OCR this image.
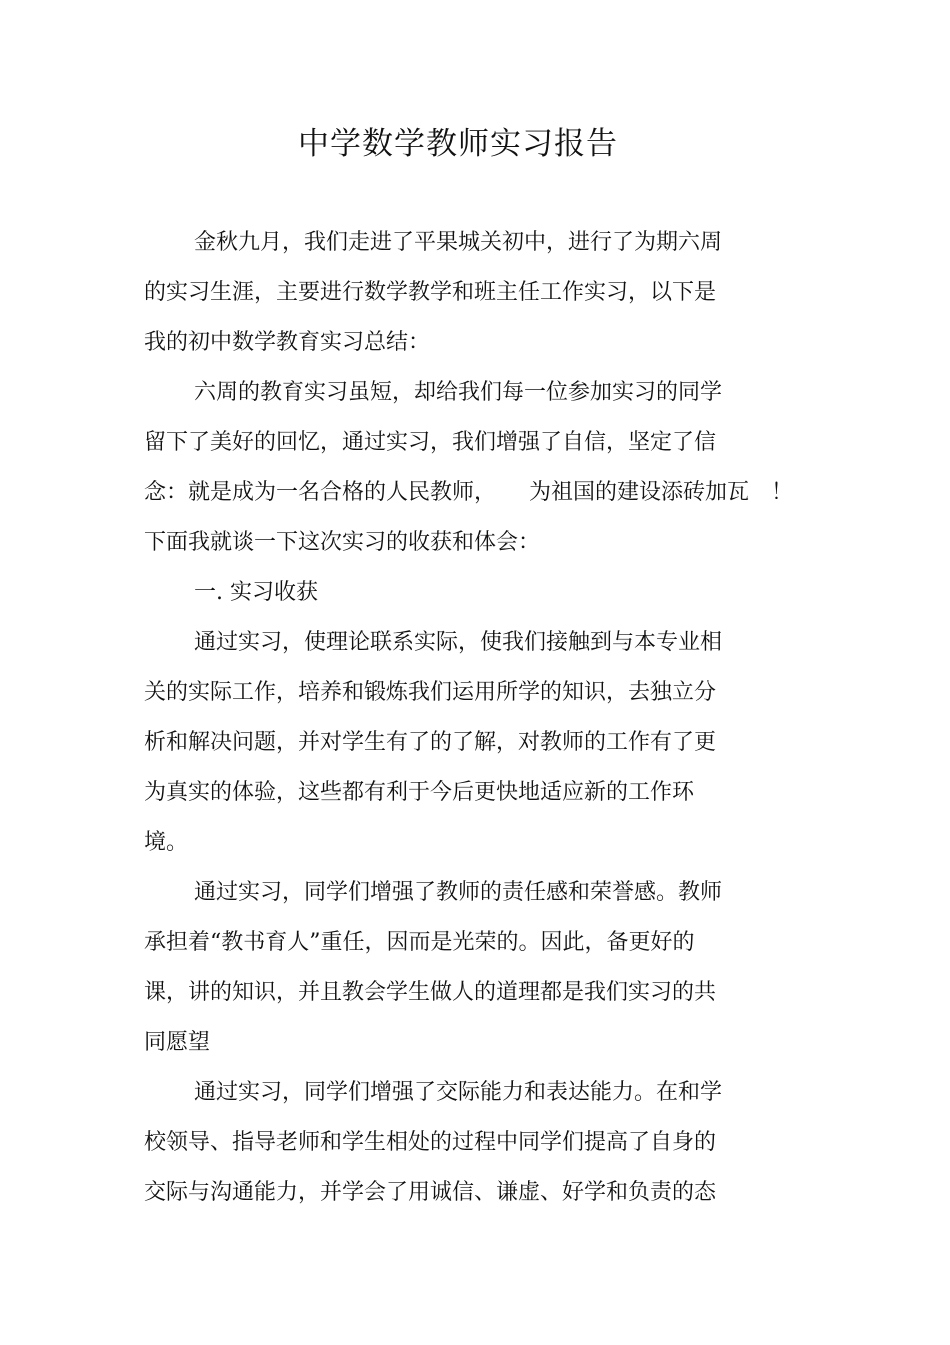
中学数学教师实习报告
金秋九月，我们走进了平果城关初中，进行了为期六周
的实习生涯，主要进行数学教学和班主任工作实习，以下是
我的初中数学教育实习总结：
六周的教育实习虽短，却给我们每一位参加实习的同学
留下了美好的回忆，通过实习，我们增强了自信，坚定了信
念：就是成为一名合格的人民教师，　　为祖国的建设添砖加瓦　！
下面我就谈一下这次实习的收获和体会：
一. 实习收获
通过实习，使理论联系实际，使我们接触到与本专业相
关的实际工作，培养和锻炼我们运用所学的知识，去独立分
析和解决问题，并对学生有了的了解，对教师的工作有了更
为真实的体验，这些都有利于今后更快地适应新的工作环
境。
通过实习，同学们增强了教师的责任感和荣誉感。教师
承担着“教书育人”重任，因而是光荣的。因此，备更好的
课，讲的知识，并且教会学生做人的道理都是我们实习的共
同愿望
通过实习，同学们增强了交际能力和表达能力。在和学
校领导、指导老师和学生相处的过程中同学们提高了自身的
交际与沟通能力，并学会了用诚信、谦虚、好学和负责的态
